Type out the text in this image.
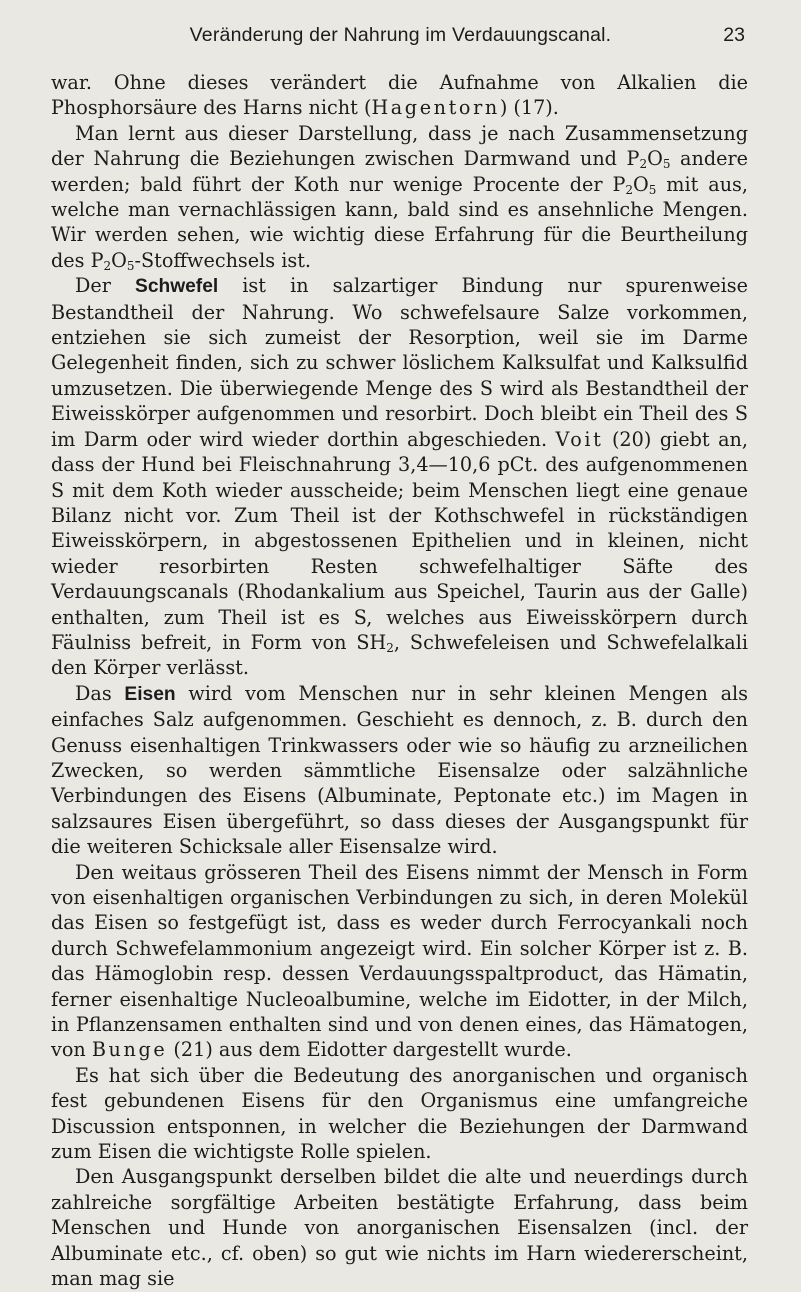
Veränderung der Nahrung im Verdauungscanal.	23

war. Ohne dieses verändert die Aufnahme von Alkalien die Phosphorsäure des Harns nicht (Hagentorn) (17).

Man lernt aus dieser Darstellung, dass je nach Zusammensetzung der Nahrung die Beziehungen zwischen Darmwand und $P_2O_5$ andere werden; bald führt der Koth nur wenige Procente der $P_2O_5$ mit aus, welche man vernachlässigen kann, bald sind es ansehnliche Mengen. Wir werden sehen, wie wichtig diese Erfahrung für die Beurtheilung des $P_2O_5$-Stoffwechsels ist.

Der Schwefel ist in salzartiger Bindung nur spurenweise Bestandtheil der Nahrung. Wo schwefelsaure Salze vorkommen, entziehen sie sich zumeist der Resorption, weil sie im Darme Gelegenheit finden, sich zu schwer löslichem Kalksulfat und Kalksulfid umzusetzen. Die überwiegende Menge des S wird als Bestandtheil der Eiweisskörper aufgenommen und resorbirt. Doch bleibt ein Theil des S im Darm oder wird wieder dorthin abgeschieden. Voit (20) giebt an, dass der Hund bei Fleischnahrung 3,4—10,6 pCt. des aufgenommenen S mit dem Koth wieder ausscheide; beim Menschen liegt eine genaue Bilanz nicht vor. Zum Theil ist der Kothschwefel in rückständigen Eiweisskörpern, in abgestossenen Epithelien und in kleinen, nicht wieder resorbirten Resten schwefelhaltiger Säfte des Verdauungscanals (Rhodankalium aus Speichel, Taurin aus der Galle) enthalten, zum Theil ist es S, welches aus Eiweisskörpern durch Fäulniss befreit, in Form von $SH_2$, Schwefeleisen und Schwefelalkali den Körper verlässt.

Das Eisen wird vom Menschen nur in sehr kleinen Mengen als einfaches Salz aufgenommen. Geschieht es dennoch, z. B. durch den Genuss eisenhaltigen Trinkwassers oder wie so häufig zu arzneilichen Zwecken, so werden sämmtliche Eisensalze oder salzähnliche Verbindungen des Eisens (Albuminate, Peptonate etc.) im Magen in salzsaures Eisen übergeführt, so dass dieses der Ausgangspunkt für die weiteren Schicksale aller Eisensalze wird.

Den weitaus grösseren Theil des Eisens nimmt der Mensch in Form von eisenhaltigen organischen Verbindungen zu sich, in deren Molekül das Eisen so festgefügt ist, dass es weder durch Ferrocyankali noch durch Schwefelammonium angezeigt wird. Ein solcher Körper ist z. B. das Hämoglobin resp. dessen Verdauungsspaltproduct, das Hämatin, ferner eisenhaltige Nucleoalbumine, welche im Eidotter, in der Milch, in Pflanzensamen enthalten sind und von denen eines, das Hämatogen, von Bunge (21) aus dem Eidotter dargestellt wurde.

Es hat sich über die Bedeutung des anorganischen und organisch fest gebundenen Eisens für den Organismus eine umfangreiche Discussion entsponnen, in welcher die Beziehungen der Darmwand zum Eisen die wichtigste Rolle spielen.

Den Ausgangspunkt derselben bildet die alte und neuerdings durch zahlreiche sorgfältige Arbeiten bestätigte Erfahrung, dass beim Menschen und Hunde von anorganischen Eisensalzen (incl. der Albuminate etc., cf. oben) so gut wie nichts im Harn wiedererscheint, man mag sie
